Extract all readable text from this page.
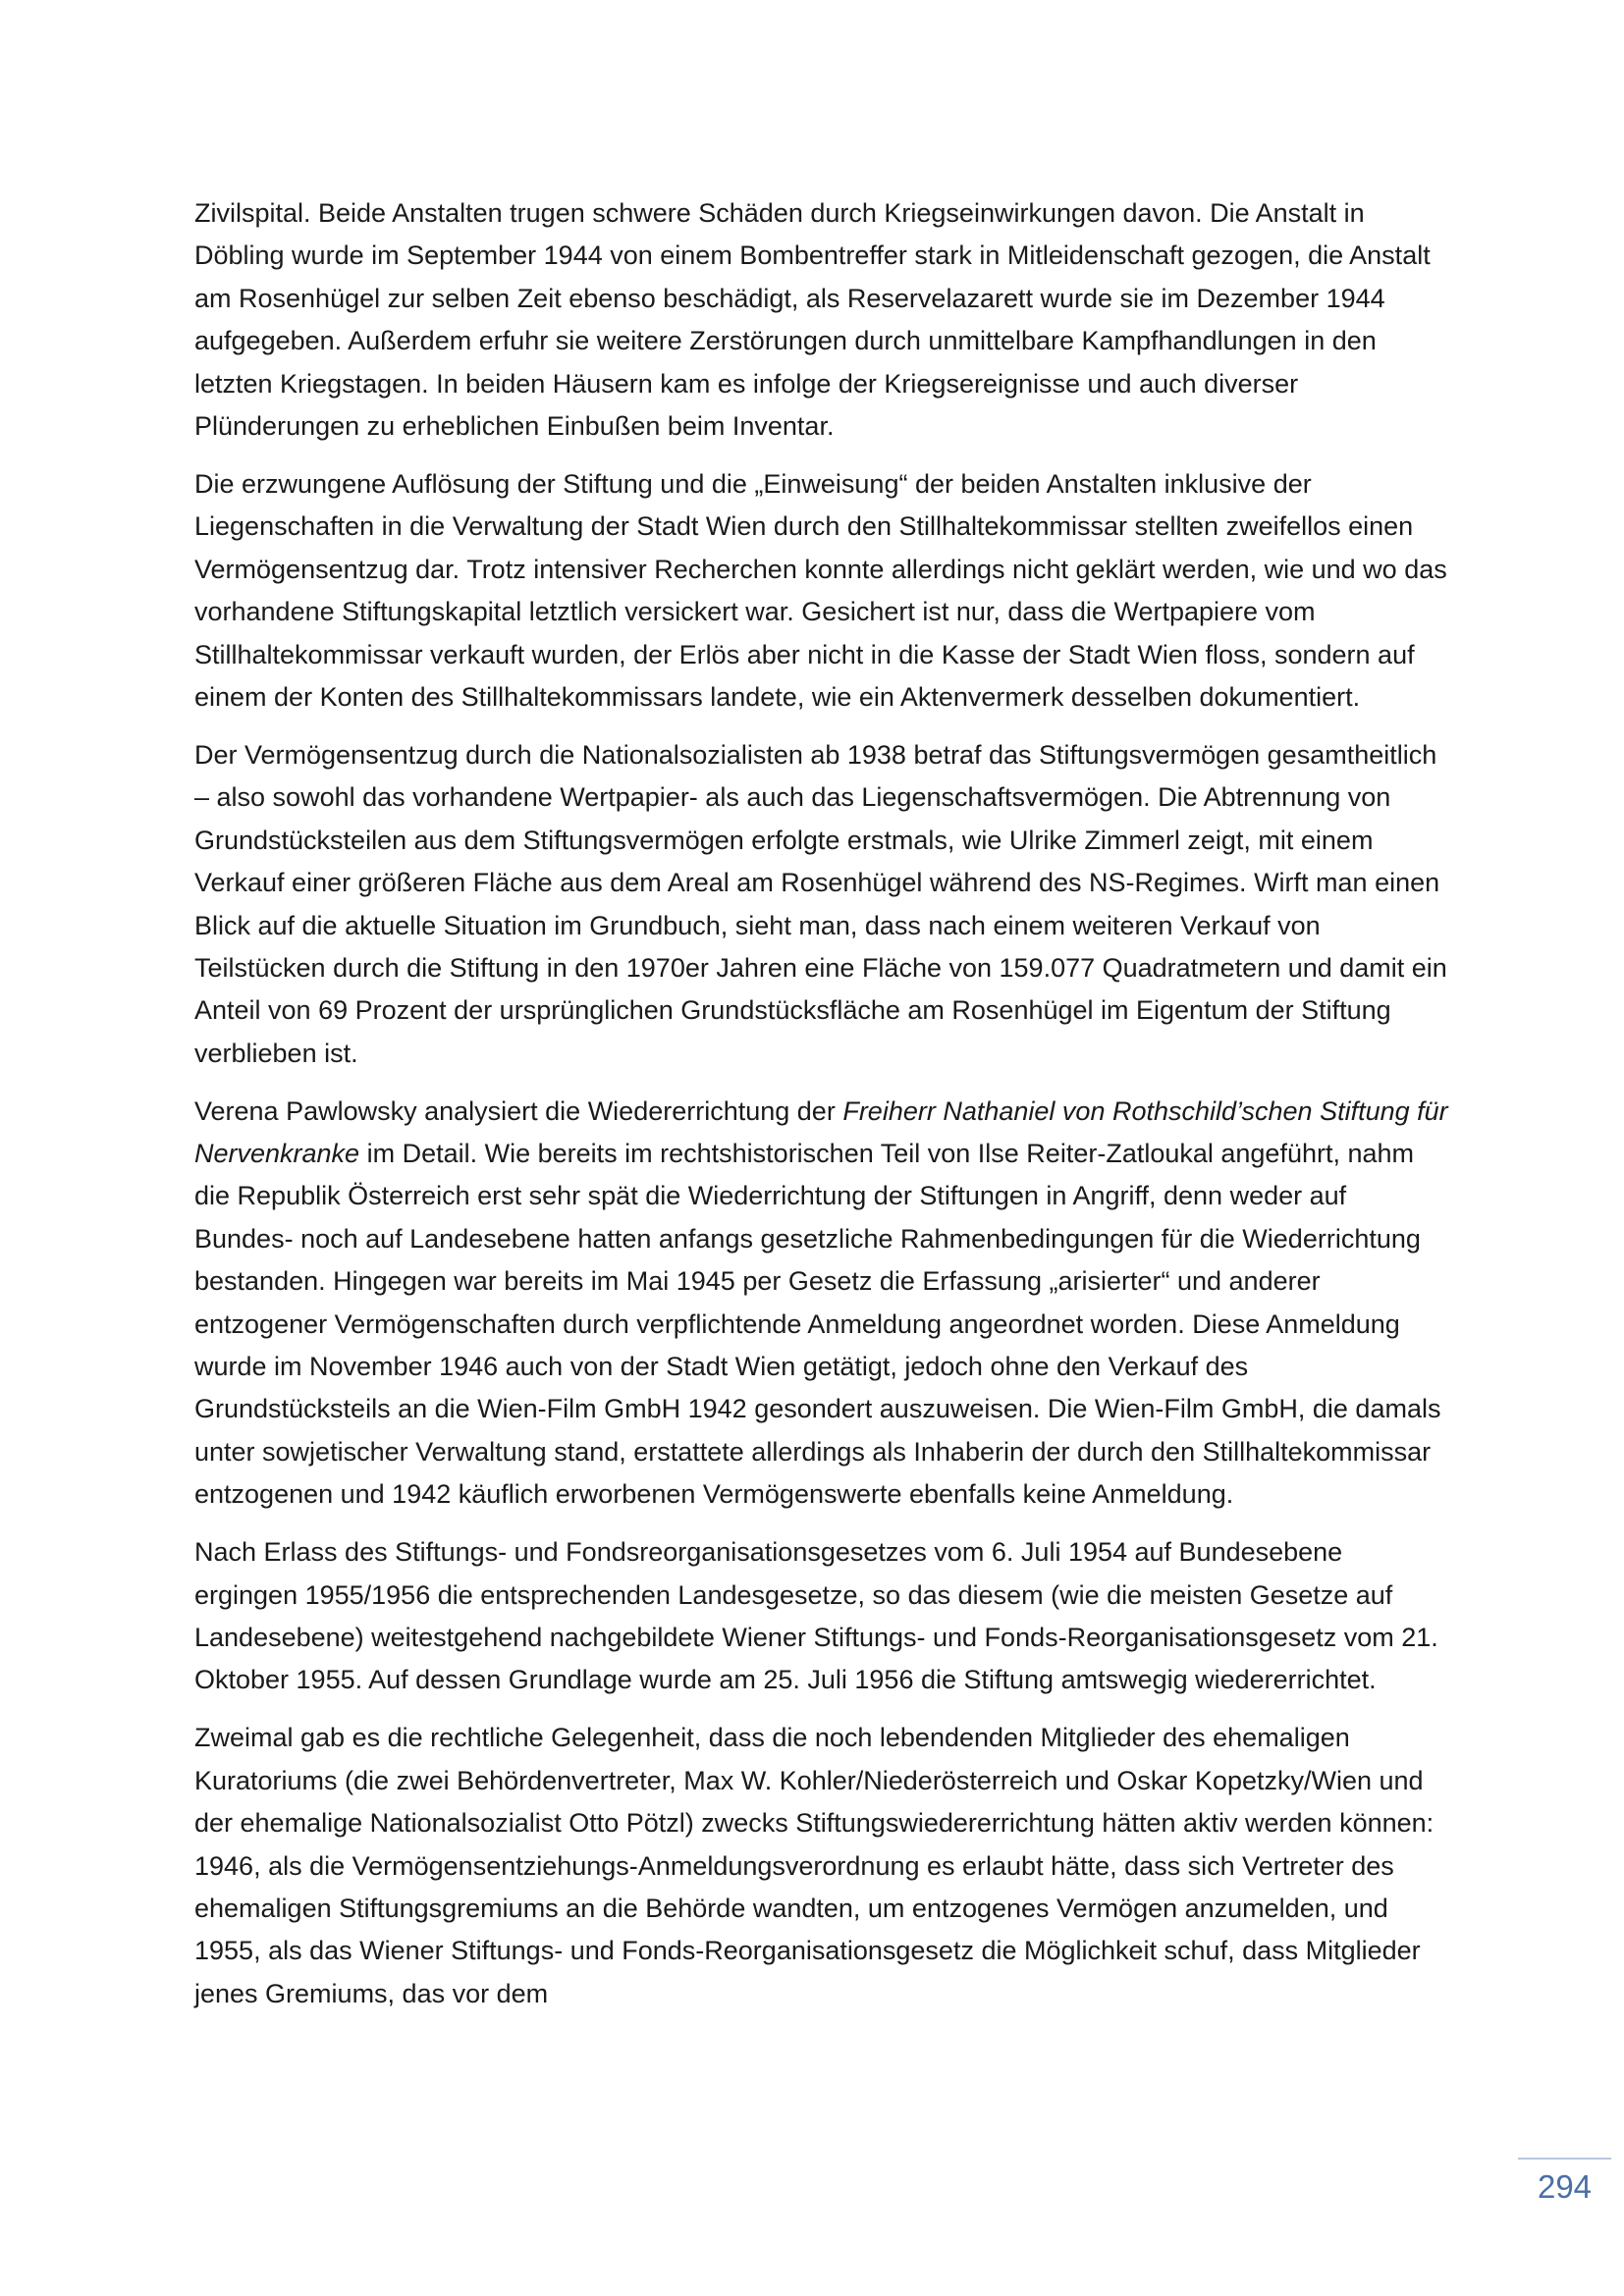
Zivilspital. Beide Anstalten trugen schwere Schäden durch Kriegseinwirkungen davon. Die Anstalt in Döbling wurde im September 1944 von einem Bombentreffer stark in Mitleidenschaft gezogen, die Anstalt am Rosenhügel zur selben Zeit ebenso beschädigt, als Reservelazarett wurde sie im Dezember 1944 aufgegeben. Außerdem erfuhr sie weitere Zerstörungen durch unmittelbare Kampfhandlungen in den letzten Kriegstagen. In beiden Häusern kam es infolge der Kriegsereignisse und auch diverser Plünderungen zu erheblichen Einbußen beim Inventar.

Die erzwungene Auflösung der Stiftung und die „Einweisung“ der beiden Anstalten inklusive der Liegenschaften in die Verwaltung der Stadt Wien durch den Stillhaltekommissar stellten zweifellos einen Vermögensentzug dar. Trotz intensiver Recherchen konnte allerdings nicht geklärt werden, wie und wo das vorhandene Stiftungskapital letztlich versickert war. Gesichert ist nur, dass die Wertpapiere vom Stillhaltekommissar verkauft wurden, der Erlös aber nicht in die Kasse der Stadt Wien floss, sondern auf einem der Konten des Stillhaltekommissars landete, wie ein Aktenvermerk desselben dokumentiert.

Der Vermögensentzug durch die Nationalsozialisten ab 1938 betraf das Stiftungsvermögen gesamtheitlich – also sowohl das vorhandene Wertpapier- als auch das Liegenschaftsvermögen. Die Abtrennung von Grundstücksteilen aus dem Stiftungsvermögen erfolgte erstmals, wie Ulrike Zimmerl zeigt, mit einem Verkauf einer größeren Fläche aus dem Areal am Rosenhügel während des NS-Regimes. Wirft man einen Blick auf die aktuelle Situation im Grundbuch, sieht man, dass nach einem weiteren Verkauf von Teilstücken durch die Stiftung in den 1970er Jahren eine Fläche von 159.077 Quadratmetern und damit ein Anteil von 69 Prozent der ursprünglichen Grundstücksfläche am Rosenhügel im Eigentum der Stiftung verblieben ist.

Verena Pawlowsky analysiert die Wiedererrichtung der Freiherr Nathaniel von Rothschild’schen Stiftung für Nervenkranke im Detail. Wie bereits im rechtshistorischen Teil von Ilse Reiter-Zatloukal angeführt, nahm die Republik Österreich erst sehr spät die Wiederrichtung der Stiftungen in Angriff, denn weder auf Bundes- noch auf Landesebene hatten anfangs gesetzliche Rahmenbedingungen für die Wiederrichtung bestanden. Hingegen war bereits im Mai 1945 per Gesetz die Erfassung „arisierter“ und anderer entzogener Vermögenschaften durch verpflichtende Anmeldung angeordnet worden. Diese Anmeldung wurde im November 1946 auch von der Stadt Wien getätigt, jedoch ohne den Verkauf des Grundstücksteils an die Wien-Film GmbH 1942 gesondert auszuweisen. Die Wien-Film GmbH, die damals unter sowjetischer Verwaltung stand, erstattete allerdings als Inhaberin der durch den Stillhaltekommissar entzogenen und 1942 käuflich erworbenen Vermögenswerte ebenfalls keine Anmeldung.

Nach Erlass des Stiftungs- und Fondsreorganisationsgesetzes vom 6. Juli 1954 auf Bundesebene ergingen 1955/1956 die entsprechenden Landesgesetze, so das diesem (wie die meisten Gesetze auf Landesebene) weitestgehend nachgebildete Wiener Stiftungs- und Fonds-Reorganisationsgesetz vom 21. Oktober 1955. Auf dessen Grundlage wurde am 25. Juli 1956 die Stiftung amtswegig wiedererrichtet.

Zweimal gab es die rechtliche Gelegenheit, dass die noch lebendenden Mitglieder des ehemaligen Kuratoriums (die zwei Behördenvertreter, Max W. Kohler/Niederösterreich und Oskar Kopetzky/Wien und der ehemalige Nationalsozialist Otto Pötzl) zwecks Stiftungswiedererrichtung hätten aktiv werden können: 1946, als die Vermögensentziehungs-Anmeldungsverordnung es erlaubt hätte, dass sich Vertreter des ehemaligen Stiftungsgremiums an die Behörde wandten, um entzogenes Vermögen anzumelden, und 1955, als das Wiener Stiftungs- und Fonds-Reorganisationsgesetz die Möglichkeit schuf, dass Mitglieder jenes Gremiums, das vor dem

294
